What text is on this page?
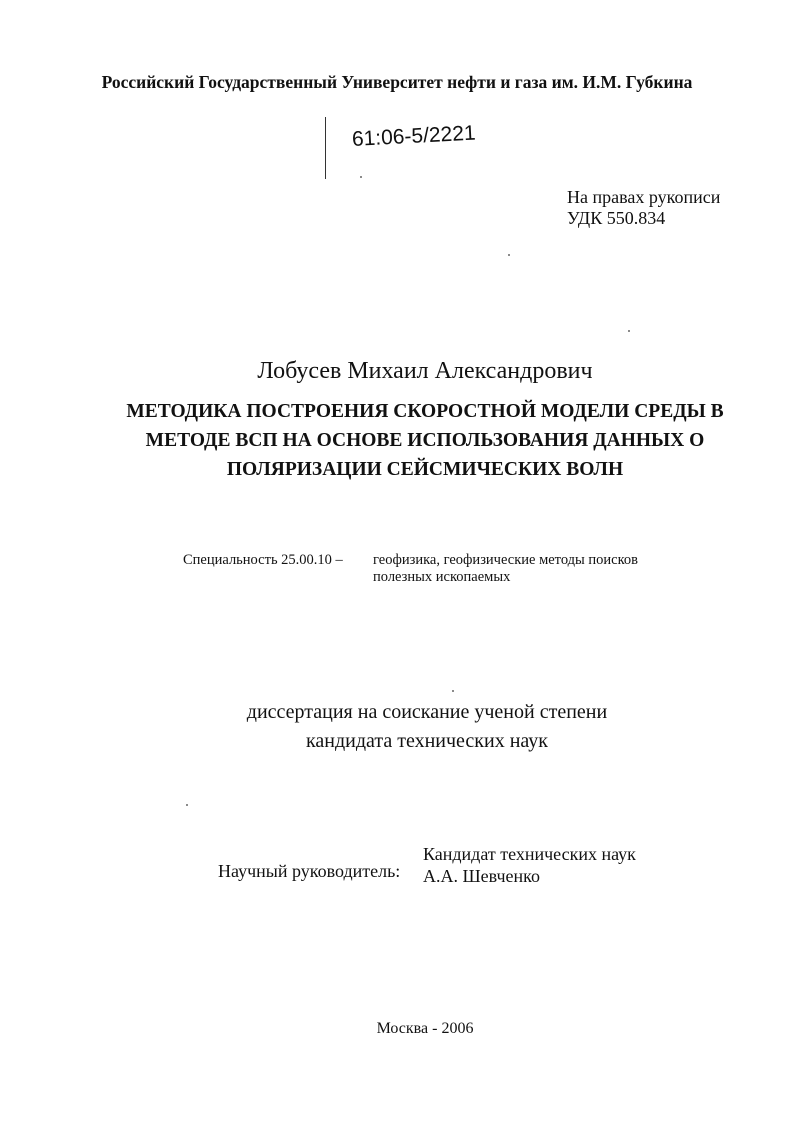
Российский Государственный Университет нефти и газа им. И.М. Губкина
61:06-5/2221
На правах рукописи
УДК 550.834
Лобусев Михаил Александрович
МЕТОДИКА ПОСТРОЕНИЯ СКОРОСТНОЙ МОДЕЛИ СРЕДЫ В
МЕТОДЕ ВСП НА ОСНОВЕ ИСПОЛЬЗОВАНИЯ ДАННЫХ О
ПОЛЯРИЗАЦИИ СЕЙСМИЧЕСКИХ ВОЛН
Специальность 25.00.10 – геофизика, геофизические методы поисков
полезных ископаемых
диссертация на соискание ученой степени
кандидата технических наук
Научный руководитель:
Кандидат технических наук
А.А. Шевченко
Москва - 2006
